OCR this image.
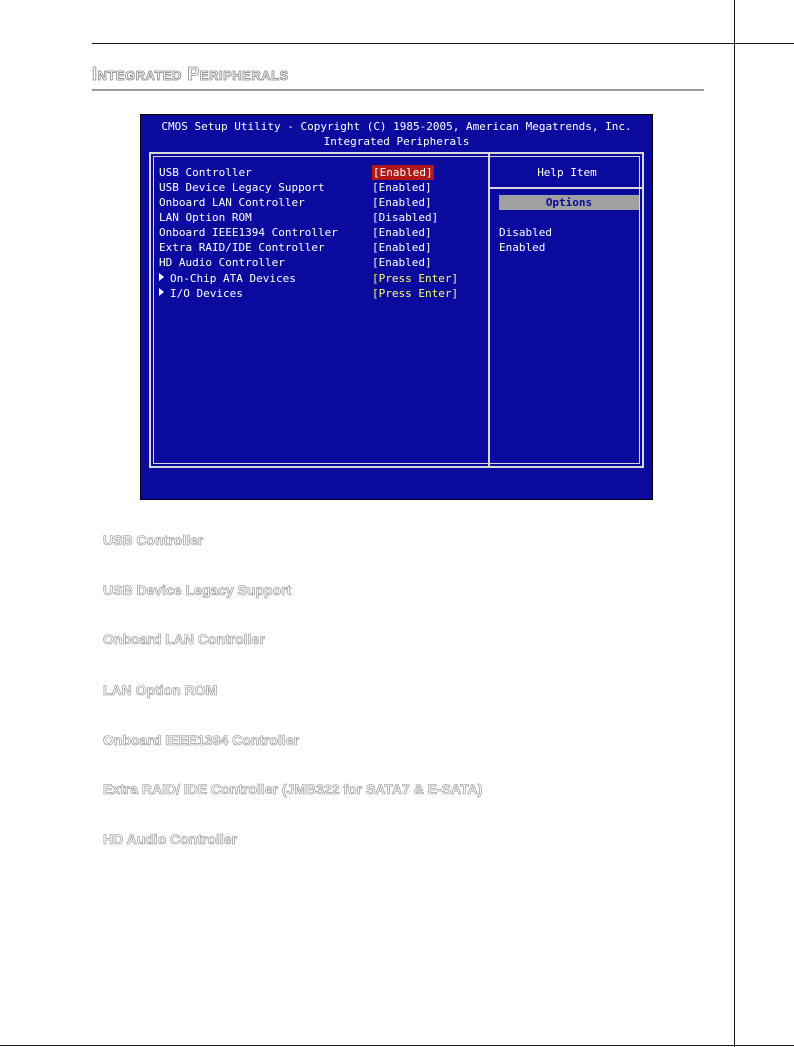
Integrated Peripherals
CMOS Setup Utility - Copyright (C) 1985-2005, American Megatrends, Inc.
Integrated Peripherals

USB Controller

	[Enabled]

USB Device Legacy Support

	[Enabled]

Onboard LAN Controller

	[Enabled]

LAN Option ROM

	[Disabled]

Onboard IEEE1394 Controller

	[Enabled]

Extra RAID/IDE Controller

	[Enabled]

HD Audio Controller

	[Enabled]

On-Chip ATA Devices

	[Press Enter]

I/O Devices

	[Press Enter]

Help Item
Options
Disabled
Enabled

↑↓←→:Move  Enter:Select  +/-/:Value  F10:Save  ESC:Exit  F1:General Help

F4: CPU Spec  F5:Memory-Z  F8:Fail-Safe Defaults  F6:Optimized Defaults

USB Controller
USB Device Legacy Support
Onboard LAN Controller
LAN Option ROM
Onboard IEEE1394 Controller
Extra RAID/ IDE Controller (JMB322 for SATA7 & E-SATA)
HD Audio Controller
